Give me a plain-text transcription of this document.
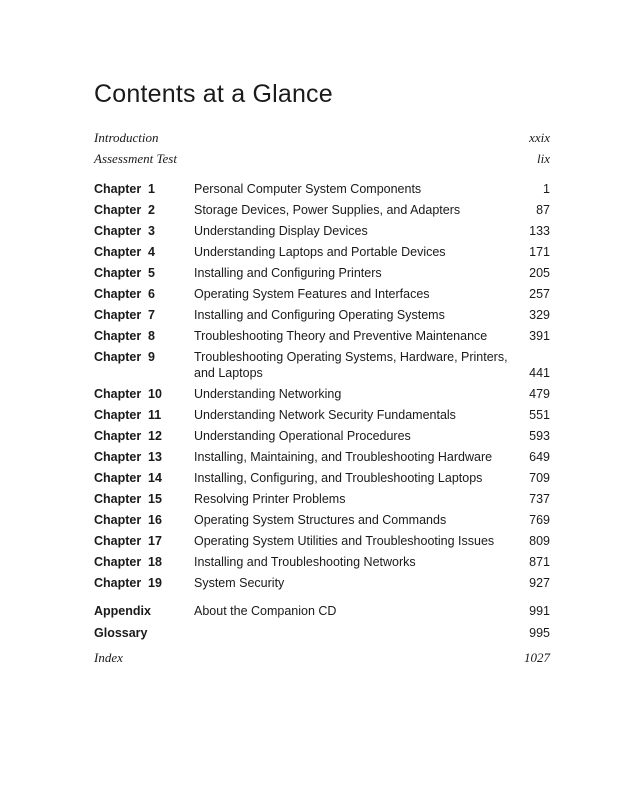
Contents at a Glance
Introduction	xxix
Assessment Test	lix
Chapter 1	Personal Computer System Components	1
Chapter 2	Storage Devices, Power Supplies, and Adapters	87
Chapter 3	Understanding Display Devices	133
Chapter 4	Understanding Laptops and Portable Devices	171
Chapter 5	Installing and Configuring Printers	205
Chapter 6	Operating System Features and Interfaces	257
Chapter 7	Installing and Configuring Operating Systems	329
Chapter 8	Troubleshooting Theory and Preventive Maintenance	391
Chapter 9	Troubleshooting Operating Systems, Hardware, Printers, and Laptops	441
Chapter 10	Understanding Networking	479
Chapter 11	Understanding Network Security Fundamentals	551
Chapter 12	Understanding Operational Procedures	593
Chapter 13	Installing, Maintaining, and Troubleshooting Hardware	649
Chapter 14	Installing, Configuring, and Troubleshooting Laptops	709
Chapter 15	Resolving Printer Problems	737
Chapter 16	Operating System Structures and Commands	769
Chapter 17	Operating System Utilities and Troubleshooting Issues	809
Chapter 18	Installing and Troubleshooting Networks	871
Chapter 19	System Security	927
Appendix	About the Companion CD	991
Glossary	995
Index	1027
